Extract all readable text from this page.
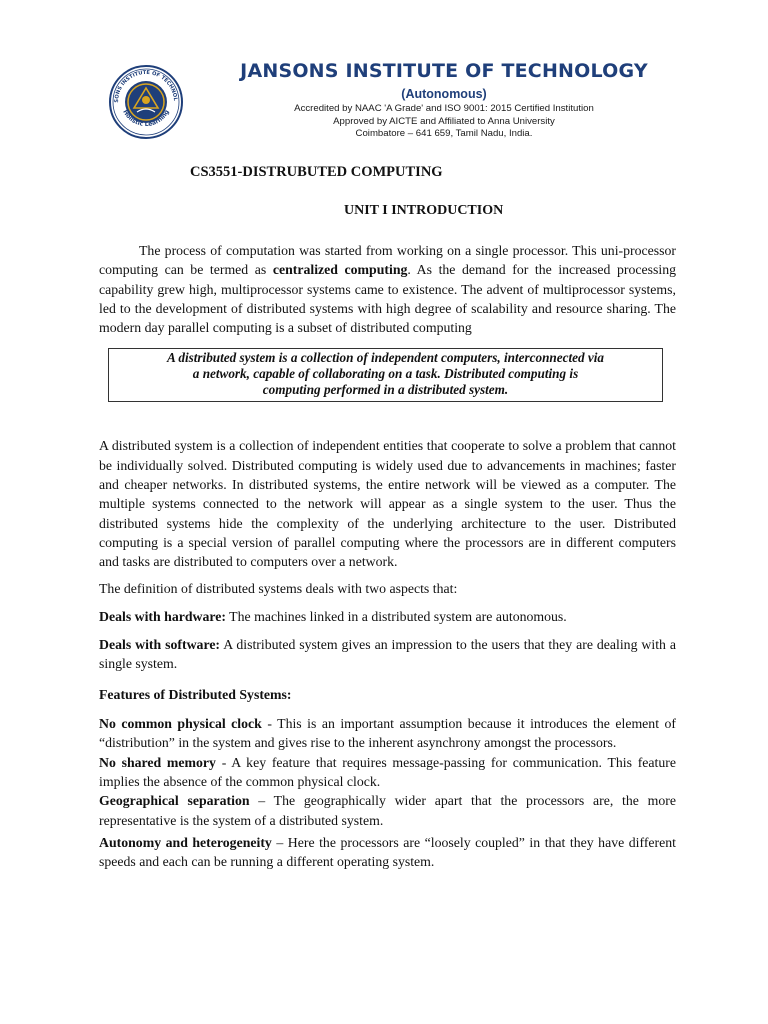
SONS INSTITUTE OF TECHNOL
Holistic Learning
JANSONS INSTITUTE OF TECHNOLOGY
(Autonomous)
Accredited by NAAC 'A Grade' and ISO 9001: 2015 Certified Institution
Approved by AICTE and Affiliated to Anna University
Coimbatore – 641 659, Tamil Nadu, India.
CS3551-DISTRUBUTED COMPUTING
UNIT I INTRODUCTION

The process of computation was started from working on a single processor. This uni-processor computing can be termed as centralized computing. As the demand for the increased processing capability grew high, multiprocessor systems came to existence. The advent of multiprocessor systems, led to the development of distributed systems with high degree of scalability and resource sharing. The modern day parallel computing is a subset of distributed computing

A distributed system is a collection of independent computers, interconnected via
a network, capable of collaborating on a task. Distributed computing is
computing performed in a distributed system.

A distributed system is a collection of independent entities that cooperate to solve a problem that cannot be individually solved. Distributed computing is widely used due to advancements in machines; faster and cheaper networks. In distributed systems, the entire network will be viewed as a computer. The multiple systems connected to the network will appear as a single system to the user. Thus the distributed systems hide the complexity of the underlying architecture to the user. Distributed computing is a special version of parallel computing where the processors are in different computers and tasks are distributed to computers over a network.

The definition of distributed systems deals with two aspects that:

Deals with hardware: The machines linked in a distributed system are autonomous.

Deals with software: A distributed system gives an impression to the users that they are dealing with a single system.

Features of Distributed Systems:

No common physical clock - This is an important assumption because it introduces the element of “distribution” in the system and gives rise to the inherent asynchrony amongst the processors.

No shared memory - A key feature that requires message-passing for communication. This feature implies the absence of the common physical clock.

Geographical separation – The geographically wider apart that the processors are, the more representative is the system of a distributed system.

Autonomy and heterogeneity – Here the processors are “loosely coupled” in that they have different speeds and each can be running a different operating system.
